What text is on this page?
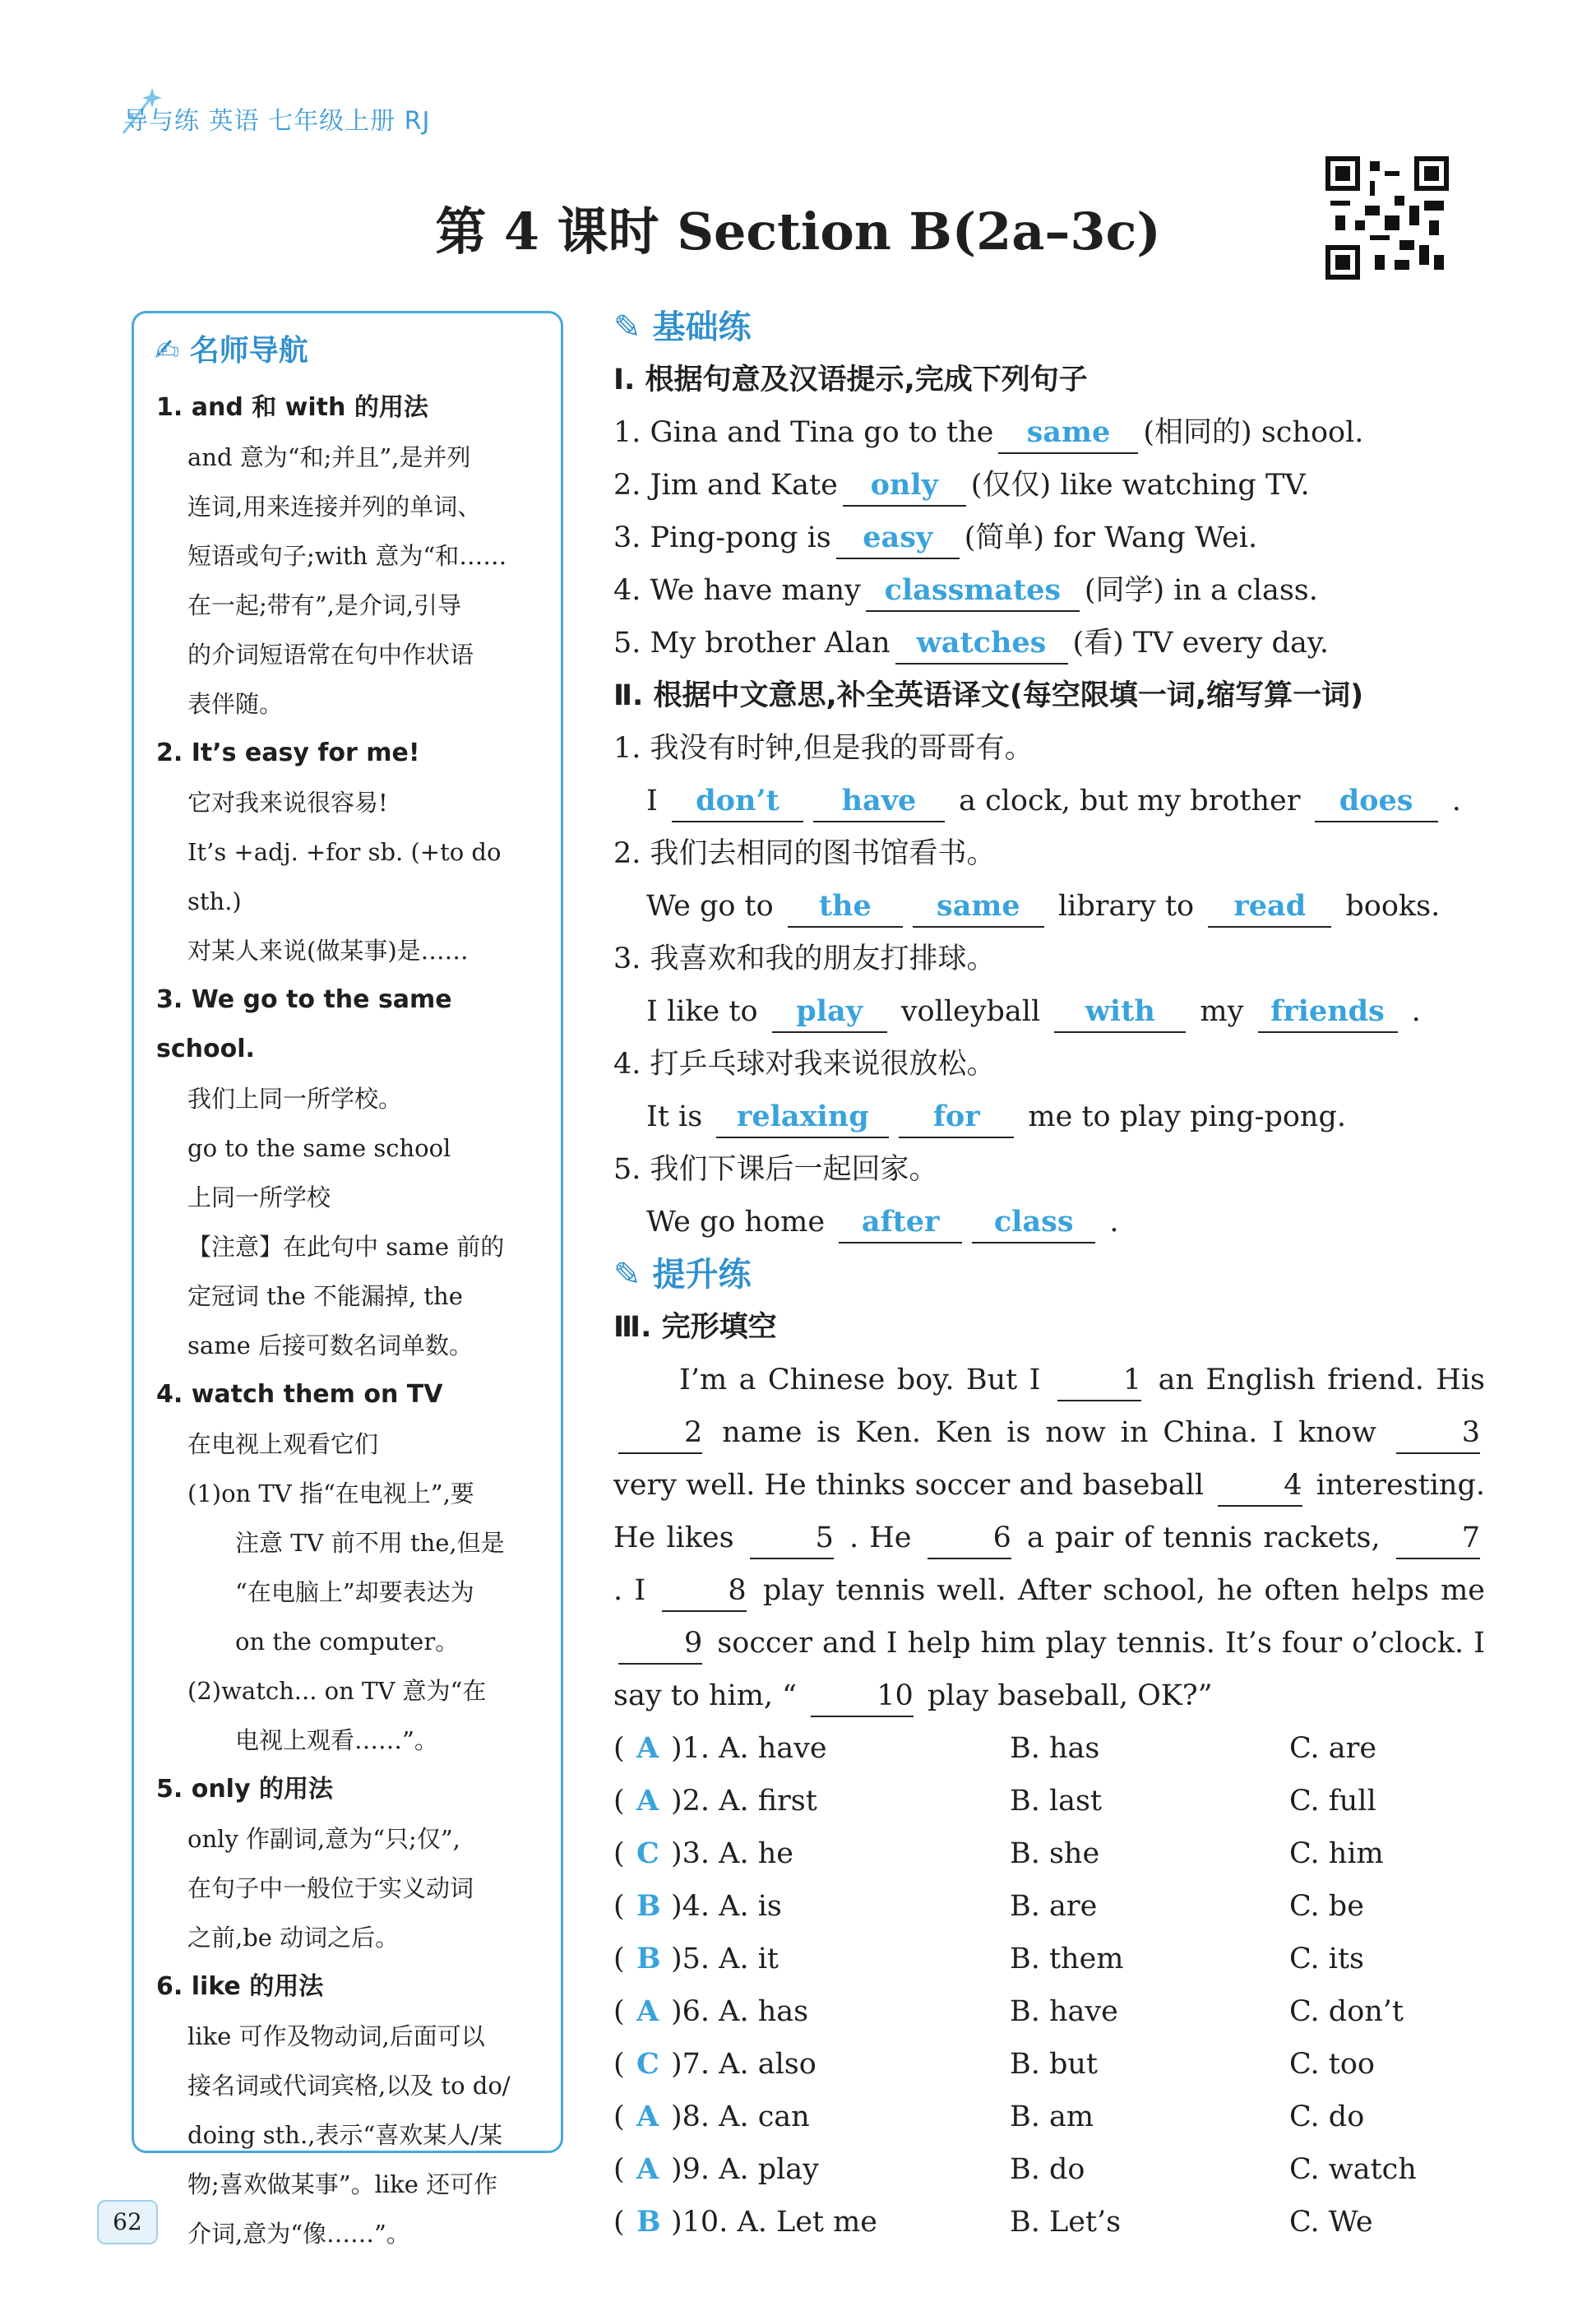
导与练 英语 七年级上册 RJ
第 4 课时 Section B(2a–3c)
✍ 名师导航
1. and 和 with 的用法
and 意为“和;并且”,是并列
连词,用来连接并列的单词、
短语或句子;with 意为“和……
在一起;带有”,是介词,引导
的介词短语常在句中作状语
表伴随。
2. It’s easy for me!
它对我来说很容易!
It’s +adj. +for sb. (+to do sth.)
对某人来说(做某事)是……
3. We go to the same school.
我们上同一所学校。
go to the same school
上同一所学校
【注意】在此句中 same 前的
定冠词 the 不能漏掉, the
same 后接可数名词单数。
4. watch them on TV
在电视上观看它们
(1)on TV 指“在电视上”,要
注意 TV 前不用 the,但是
“在电脑上”却要表达为
on the computer。
(2)watch... on TV 意为“在
电视上观看……”。
5. only 的用法
only 作副词,意为“只;仅”,
在句子中一般位于实义动词
之前,be 动词之后。
6. like 的用法
like 可作及物动词,后面可以
接名词或代词宾格,以及 to do/
doing sth.,表示“喜欢某人/某
物;喜欢做某事”。like 还可作
介词,意为“像……”。
✎ 基础练
Ⅰ. 根据句意及汉语提示,完成下列句子
1. Gina and Tina go to the same (相同的) school.
2. Jim and Kate only (仅仅) like watching TV.
3. Ping-pong is easy (简单) for Wang Wei.
4. We have many classmates (同学) in a class.
5. My brother Alan watches (看) TV every day.
Ⅱ. 根据中文意思,补全英语译文(每空限填一词,缩写算一词)
1. 我没有时钟,但是我的哥哥有。
I don’t have a clock, but my brother does .
2. 我们去相同的图书馆看书。
We go to the same library to read books.
3. 我喜欢和我的朋友打排球。
I like to play volleyball with my friends .
4. 打乒乓球对我来说很放松。
It is relaxing for me to play ping-pong.
5. 我们下课后一起回家。
We go home after class .
✎ 提升练
Ⅲ. 完形填空
I’m a Chinese boy. But I 1 an English friend. His 2 name is Ken. Ken is now in China. I know 3 very well. He thinks soccer and baseball 4 interesting. He likes 5 . He 6 a pair of tennis rackets, 7 . I 8 play tennis well. After school, he often helps me 9 soccer and I help him play tennis. It’s four o’clock. I say to him, “ 10 play baseball, OK?”
( A )1. A. have	B. has	C. are
( A )2. A. first	B. last	C. full
( C )3. A. he	B. she	C. him
( B )4. A. is	B. are	C. be
( B )5. A. it	B. them	C. its
( A )6. A. has	B. have	C. don’t
( C )7. A. also	B. but	C. too
( A )8. A. can	B. am	C. do
( A )9. A. play	B. do	C. watch
( B )10. A. Let me	B. Let’s	C. We
62
